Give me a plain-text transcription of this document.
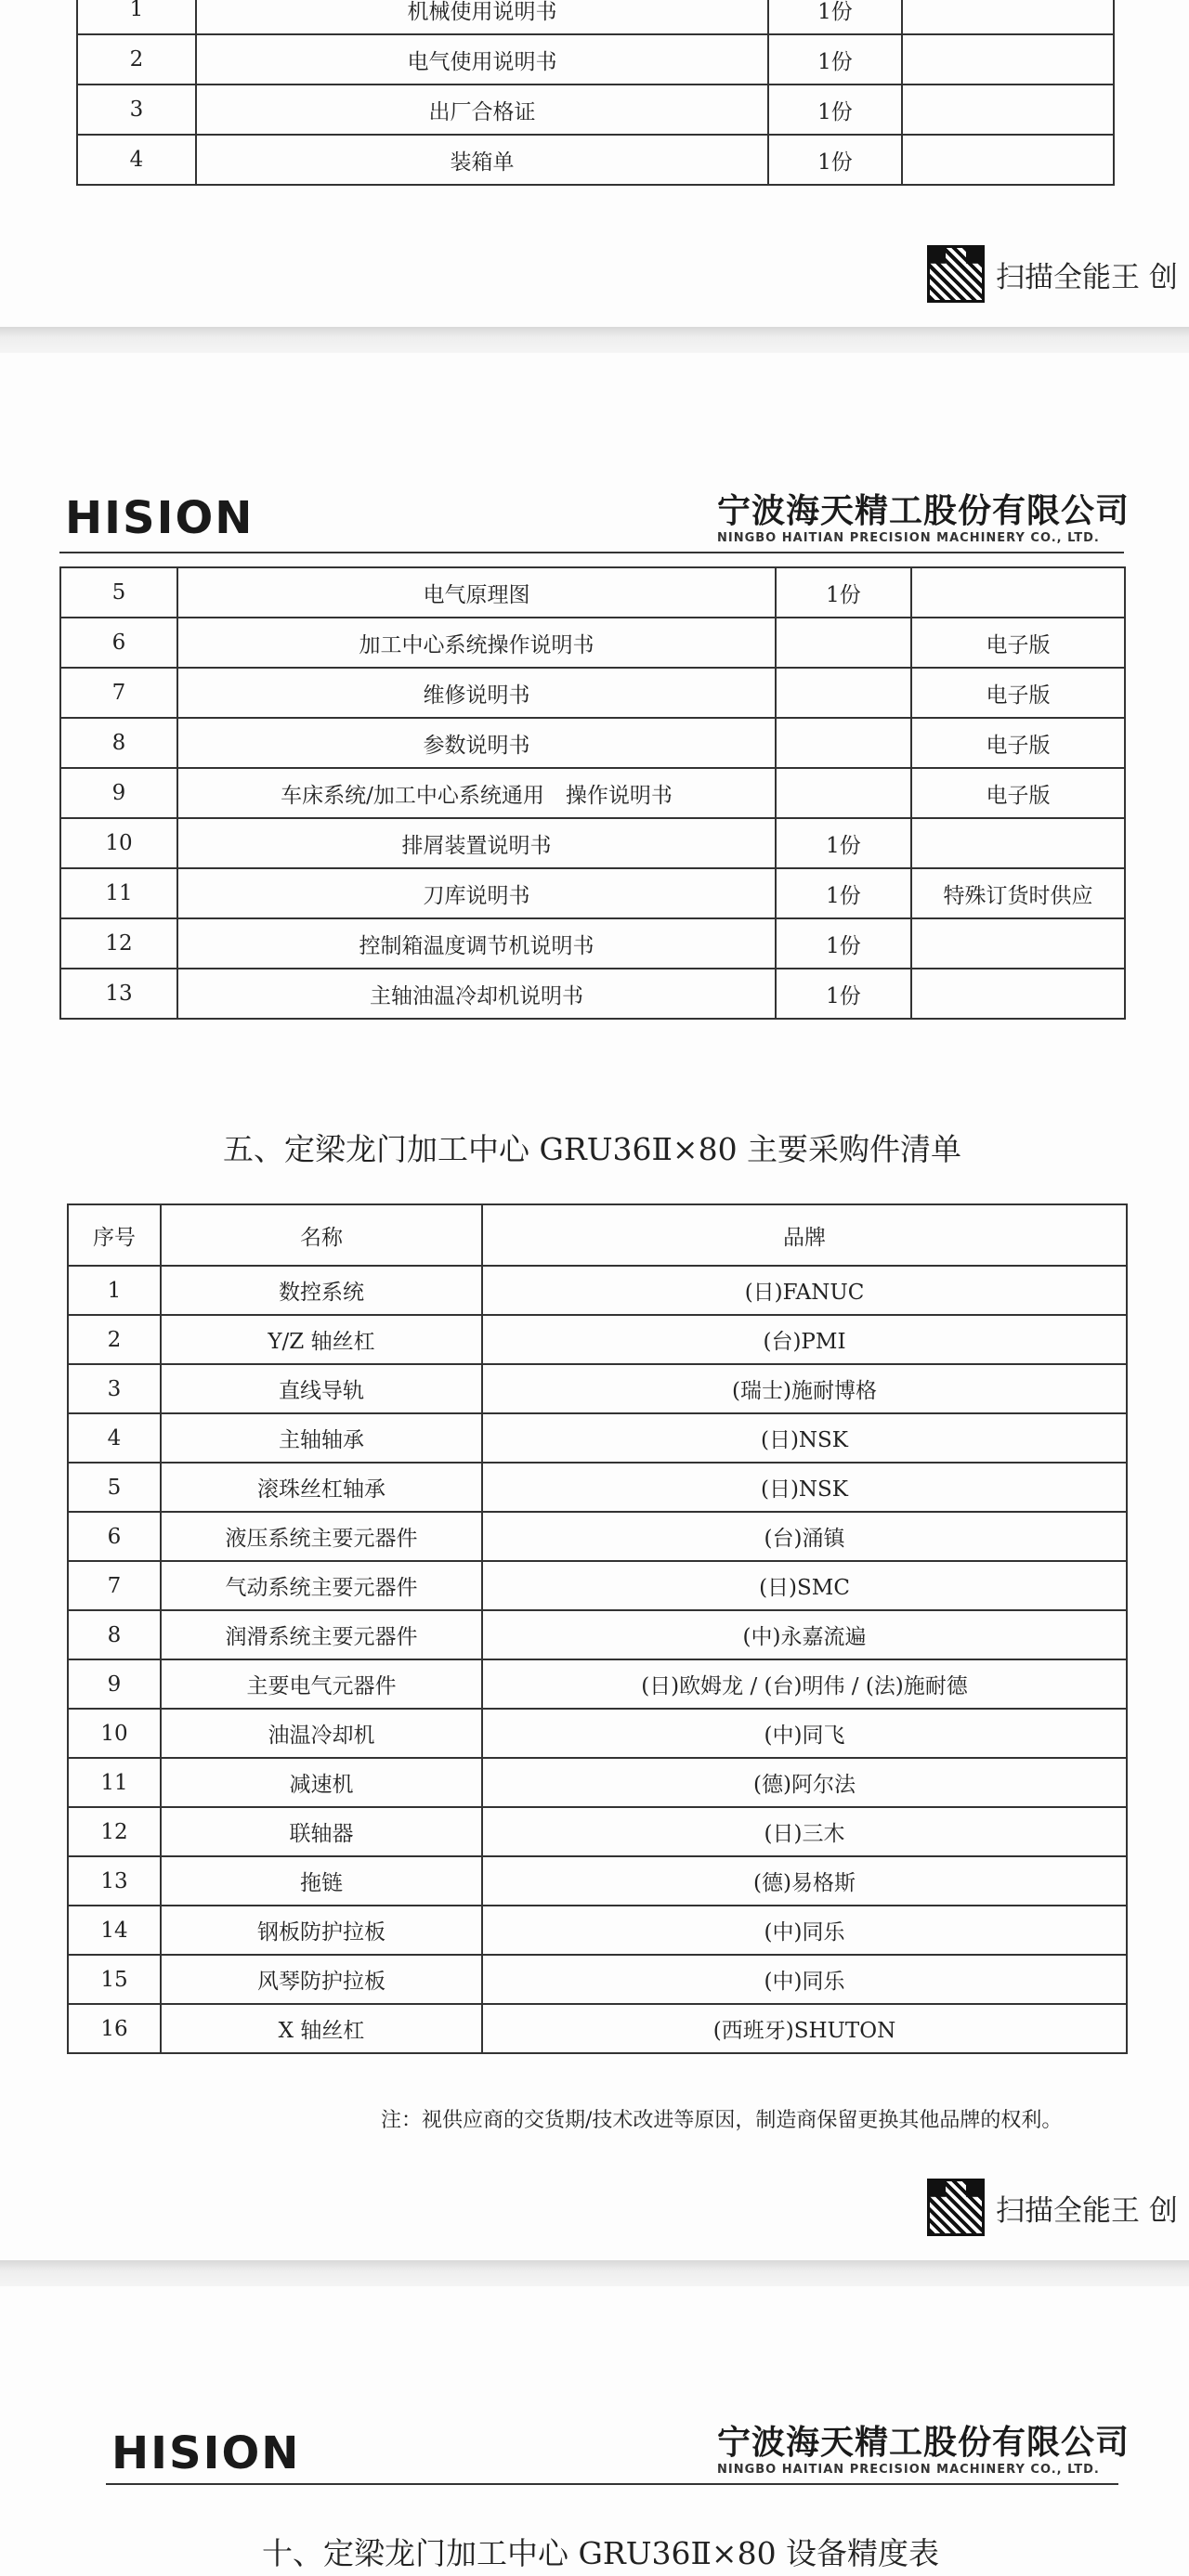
1	机械使用说明书	1份	
2	电气使用说明书	1份	
3	出厂合格证	1份	
4	装箱单	1份	
扫描全能王 创
HISION	宁波海天精工股份有限公司
NINGBO HAITIAN PRECISION MACHINERY CO., LTD.
5	电气原理图	1份	
6	加工中心系统操作说明书		电子版
7	维修说明书		电子版
8	参数说明书		电子版
9	车床系统/加工中心系统通用　操作说明书		电子版
10	排屑装置说明书	1份	
11	刀库说明书	1份	特殊订货时供应
12	控制箱温度调节机说明书	1份	
13	主轴油温冷却机说明书	1份	
五、定梁龙门加工中心 GRU36Ⅱ×80 主要采购件清单
序号	名称	品牌
1	数控系统	(日)FANUC
2	Y/Z 轴丝杠	(台)PMI
3	直线导轨	(瑞士)施耐博格
4	主轴轴承	(日)NSK
5	滚珠丝杠轴承	(日)NSK
6	液压系统主要元器件	(台)涌镇
7	气动系统主要元器件	(日)SMC
8	润滑系统主要元器件	(中)永嘉流遍
9	主要电气元器件	(日)欧姆龙 / (台)明伟 / (法)施耐德
10	油温冷却机	(中)同飞
11	减速机	(德)阿尔法
12	联轴器	(日)三木
13	拖链	(德)易格斯
14	钢板防护拉板	(中)同乐
15	风琴防护拉板	(中)同乐
16	X 轴丝杠	(西班牙)SHUTON
注：视供应商的交货期/技术改进等原因，制造商保留更换其他品牌的权利。
扫描全能王 创
HISION	宁波海天精工股份有限公司
NINGBO HAITIAN PRECISION MACHINERY CO., LTD.
十、定梁龙门加工中心 GRU36Ⅱ×80 设备精度表
